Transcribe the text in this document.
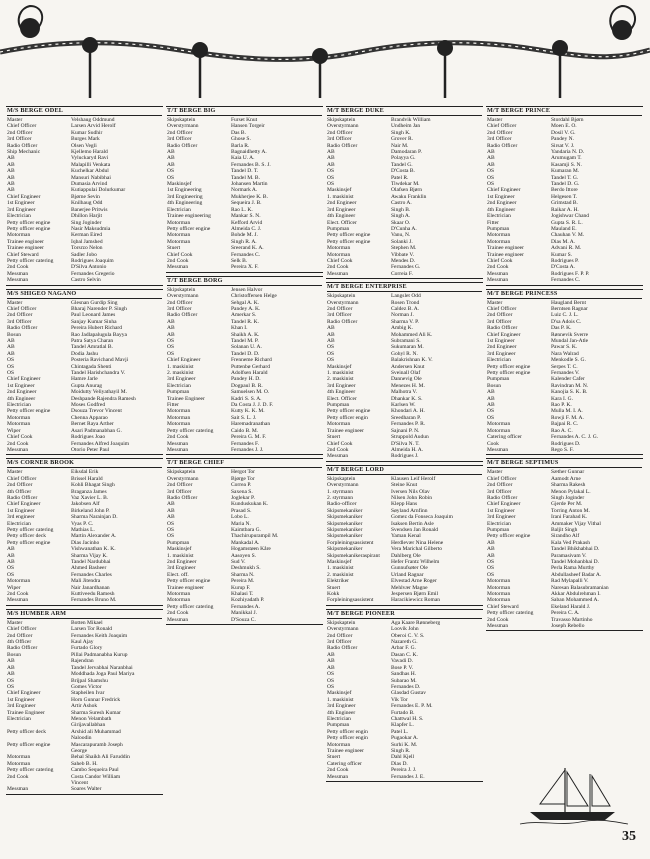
M/S BERGE ODEL
Master	Velshaug Oddmund
Chief Officer	Larsen Arvid Herolf
2nd Officer	Kumar Sudhir
3rd Officer	Burges Mark
Radio Officer	Olsen Vegli
Ship Mechanic	Kjellemo Harald
AB	Vyluckaryd Ravi
AB	Malapilli Venkata
AB	Kuchelkar Abdul
AB	Mansuri Nabibhai
AB	Dumasia Arvind
AB	Kutiappulai Dolurkumar
Chief Engineer	Bjørne Sevin
1st Engineer	Knilhaug Odd
3rd Engineer	Banerjee Pritwis
Electrician	Dhillon Harjit
Petty officer engine	Sing Joginder
Petty officer engine	Nasir Maksudmia
Motorman	Kerman Eired
Trainee engineer	Iqbal Jamshed
Trainee engineer	Torsrzo Nelon
Chief Steward	Sadler Jobo
Petty officer catering	Rodrigues Joaquim
2nd Cook	D'Silva Antonio
Messman	Fernandes Gregerio
Messman	Castro Selvin
M/S SHIGEO NAGANO
Master	Glesnan Gurdip Sing
Chief Officer	Bharaj Narender P. Singh
2nd Officer	Paul Leonard James
3rd Officer	Sanjay Kumar Sinha
Radio Officer	Pereira Hubert Richard
Bosun	Rao Jadlapalugula Bayya
AB	Patra Satya Charan
AB	Tandel Amratlal B.
AB	Dodia Jashu
OS	Posteria Ravichand Mavji
OS	Chintagada Shenti
OS	Tandel Harishchandra V.
Chief Engineer	Hamre Jarle
1st Engineer	Gupta Anurag
2nd Engineer	Moidutty Veliyathayil M.
4th Engineer	Deshpande Rajendra Ramesh
Electrician	Moses Godfred
Petty officer engine	Dsouza Trevor Vincent
Motorman	Chenna Apparao
Motorman	Bernet Raya Arther
Wiper	Asari Padmanabhan G.
Chief Cook	Rodrigues Joao
2nd Cook	Fernandes Alfred Joaquim
Messman	Otorio Peter Paul
M/S CORNER BROOK
Master	Eiksdal Erik
Chief Officer	Brissel Harald
2nd Officer	Kohli Bhagat Singh
4th Officer	Braganza James
Radio Officer	Vaz Xavier L. B.
Chief Engineer	Jakobsen Alf
1st Engineer	Birkeland John P.
3rd engineer	Sharma Narainjan D.
Electrician	Vyas P. C.
Petty officer catering	Mathias L.
Petty officer deck	Martin Alexander A.
Petty officer engine	Dias Jacinho
AB	Vishwanathan K. K.
AB	Sharma Vijay K.
AB	Tandel Nardubhai
OS	Ahmed Basheer
OS	Fernandes Charles
Motorman	Mali Jitendra
Wiper	Nair Janardhanan
2nd Cook	Kuttiveedu Ramesh
Messman	Fernandes Bruno M.
M/S HUMBER ARM
Master	Botten Mikael
Chief Officer	Larsen Tor Ronald
2nd Officer	Fernandes Keith Joaquim
4th Officer	Kaul Ajay
Radio Officer	Furtado Glory
Bosun	Pillai Padmanabha Kurup
AB	Rajendran
AB	Tandel Jervabhai Naranbhai
AB	Moddhada Joga Paul Mariya
OS	Brijpal Shamshu
OS	Gomes Victor
Chief Engineer	Stapheilen Ivar
1st Engineer	Horn Gunnar Fredrick
3rd Engineer	Artir Ashok
Trainee Engineer	Sharma Suresh Kumar
Electrician	Menon Velambath
Girijavallabhan
Petty officer deck	Arshid ali Muhammad
Naloodin
Petty officer engine	Mascarapuramb Joseph
George
Motorman	Behal Shaikh Ali Faruddin
Motorman	Saheb B. H.
Petty officer catering	Cambo Sequeira Paul
2nd Cook	Costa Candor William
Vincent
Messman	Soares Walter
T/T BERGE BIG
Skipskaptein	Furset Knut
Overstyrmann	Hansen Torgeir
2nd Officer	Das B.
3rd Officer	Ghose S.
Radio Officer	Barla R.
AB	Bagnaidhetty A.
AB	Kaia U. A.
AB	Fernandes B. S. J.
OS	Tandel D. T.
OS	Tandel M. B.
Maskinsjef	Johansen Martin
1st Engineering	Normark A.
3rd Engineering	Mukherjee K. B.
4th Engineering	Sequeira J. B.
Electrician	Rao L. K.
Trainee engineering	Mankar S. N.
Motorman	Kefford Arvid
Petty officer engine	Almeida C. J.
Motorman	Bohde M. J.
Motorman	Singh R. A.
Stuert	Sreerand K. A.
Chief Cook	Fernandes C.
2nd Cook	Selk B.
Messman	Pereira X. F.
T/T BERGE BORG
Skipskaptein	Jensen Halvor
Overstyrmann	Christoffersen Helge
2nd Officer	Sehgal A. K.
3rd Officer	Pandey A. K.
Radio Officer	Amerkar S.
AB	Tandel R. K.
AB	Khan I.
AB	Shaikh A. K.
OS	Tandel M. P.
OS	Solanan U. A.
OS	Tandel D. D.
Chief Engineer	Frenneme Richard
1. maskinist	Puttenbø Gerhard
2. maskinist	Adolfsen Harald
3rd Engineer	Pandey H. D.
Electrician	Dogpaul B. R.
Pumpman	Samuelsen M. O.
Trainee Engineer	Kadri S. S. A.
Fitter	Da Costa J. J. D. F.
Motorman	Kutty K. K. M.
Motorman	Sait S. L. J.
Motorman	Haremadranathan
Petty officer catering	Caido B. M.
2nd Cook	Pereira G. M. F.
Messman	Fernandes F.
Messman	Fernandes J. J.
T/T BERGE CHIEF
Skipskaptein	Hergot Tor
Overstyrmann	Bjørge Tor
2nd Officer	Correa P.
3rd Officer	Saxena S.
Radio Officer	Joglekar P.
AB	Kunduskukan K.
AB	Prasad S.
AB	Lobo L.
OS	Maria N.
OS	Kaimtbara G.
OS	Thachirupurampil M.
Pumpman	Mankadal A.
Maskinsjef	Hogamstøen Kåre
1. maskinist	Aasoyen S.
2nd Engineer	Sud V.
3rd Engineer	Deshmukh S.
Elect. off.	Sharma N.
Petty officer engine	Pereira M.
Trainee engineer	Kurup F.
Motorman	Khalasi T.
Motorman	Kozhiyadath P.
Petty officer catering	Fernandes A.
2nd Cook	Manikkal J.
Messman	D'Souza C.
M/T BERGE DUKE
Skipskaptein	Brandvik William
Overstyrmann	Undheim Jan
2nd Officer	Singh K.
3rd Officer	Grover R.
Radio Officer	Nair M.
AB	Damodaran P.
AB	Polayya G.
AB	Tandel G.
OS	D'Costa B.
OS	Patel R.
OS	Tiwdekar M.
Maskinsjef	Olafsen Bjørn
1. maskinist	Awaku Franklin
2nd Engineer	Castro A.
3rd Engineer	Singh B.
4th Engineer	Singh A.
Elect. Officer	Skaar O.
Pumpman	D'Cunha A.
Petty officer engine	Vanu, N.
Petty officer engine	Solanki J.
Motorman	Stephen M.
Motorman	Vibbate V.
Chief Cook	Mendes D.
2nd Cook	Fernandes G.
Messman	Correia F.
M/T BERGE ENTERPRISE
Skipskaptein	Langslet Odd
Overstyrmann	Rosen Trond
2nd Officer	Caldez B. A.
3rd Officer	Norman J.
Radio Officer	Sharma V. P.
AB	Ambig K.
AB	Mohammed Ali K.
AB	Subramani S.
OS	Sukumaran M.
OS	Gohyl R. N.
OS	Balakrishnan K. V.
Maskinsjef	Andersen Knut
1. maskinist	Sveinall Olaf
2. maskinist	Dannevig Ole
3rd Engineer	Menezes H. M.
4th Engineer	Malhotra V.
Elect. Officer	Dhankar K. S.
Pumpman	Karlsen W.
Petty officer engine	Khondari A. H.
Petty officer engin	Sreedharan P.
Motorman	Fernandes P. R.
Trainee engineer	Sajnani P. N.
Stuert	Struppold Audun
Chief Cook	D'Silva N. T.
2nd Cook	Almeida H. A.
Messman	Rodrigues J.
M/T BERGE LORD
Skipskaptein	Klausen Leif Herolf
Overstyrmann	Steine Knut
1. styrmann	Iversen Nils Olav
2. styrmann	Nilsen John Robin
Radio-officer	Klepp Hans
Skipsmekaniker	Søyland Arnfinn
Skipsmekaniker	Gomez da Fonseca Joaquim
Skipsmekaniker	Isaksen Bertin Asle
Skipsmekaniker	Svendsen Jan Ronald
Skipsmekaniker	Yaman Kenal
Forpleiningsassistent	Herdlevær Nina Helene
Skipsmekaniker	Vera Marichal Gilberto
Skipsmekanikeraspirant	Dahlberg Ole
Maskinsjef	Hefer Frantz Wilhelm
1. maskinist	Gunnufsøter Ole
2. maskinist	Urland Ragnar
Elektriker	Elvestad Arne Roger
Stuert	Mehlvær Magne
Kokk	Jespersen Bjørn Emil
Forpleiningsassistent	Haracikiewicz Roman
M/T BERGE PIONEER
Skipskaptein	Aga Kaare Rønneberg
Overstyrmann	Loovik John
2nd Officer	Oberoi C. V. S.
3rd Officer	Nazareth G.
Radio Officer	Arbar F. G.
AB	Dasan C. K.
AB	Vavadi D.
AB	Bose P. V.
OS	Sandhas H.
OS	Subarao M.
OS	Fernandes D.
Maskinsjef	Glasdad Gustav
1. maskinist	Vik Tor
3rd Engineer	Fernandes E. P. M.
4th Engineer	Furtado B.
Electrician	Chattwal H. S.
Pumpman	Klapfer L.
Petty officer engin	Patel L.
Petty officer engin	Pugaokar A.
Motorman	Surhi K. M.
Trainee engineer	Singh R.
Stuert	Dahl Kjell
Catering officer	Dias D.
2nd Cook	Pereira J. J.
Messman	Fernandes J. E.
M/T BERGE PRINCE
Master	Stordahl Bjørn
Chief Officer	Moen E. O.
2nd Officer	Dosil V. G.
3rd Officer	Pandey N.
Radio Officer	Sirsat V. J.
AB	Yandaria N. D.
AB	Arumugam T.
AB	Kasamji S. N.
OS	Kumaran M.
OS	Tandel T. G.
OS	Tandel D. G.
Chief Engineer	Berdo Ittore
1st Engineer	Helgesen T.
2nd Engineer	Grimstad B.
4th Engineer	Raikar A. H.
Electrician	Jogishwar Chand
Fitter	Gupta S. R. L.
Pumpman	Mauland E.
Motorman	Chauhan V. M.
Motorman	Dias M. A.
Trainee engineer	Advani R. M.
Trainee engineer	Kumar S.
Chief Cook	Rodrigues P.
2nd Cook	D'Costa A.
Messman	Rodrigues F. P. P.
Messman	Fernandes C.
M/T BERGE PRINCESS
Master	Haugland Bernt
Chief Officer	Berntsen Ragnar
2nd Officer	Luiz C. J. L.
3rd Officer	D'sa Adois C.
Radio Officer	Das P. K.
Chief Engineer	Rønnevik Sverre
1st Engineer	Mundal Jan-Atle
2nd Engineer	Pawar S. K.
3rd Engineer	Nara Walrad
Electrician	Menkodle S. G.
Petty officer engine	Serpes T. C.
Petty officer engine	Fernandes V.
Pumpman	Kalender Cafer
Bosun	Ravindran M. N.
AB	Kanojia S. K. B.
AB	Kara I. G.
AB	Rao P. K.
OS	Mulla M. I. A.
OS	Rowji F. M. A.
Motorman	Bajpai R. C.
Motorman	Rao A. C.
Catering officer	Fernandes A. C. J. G.
Cook	Rodrigues D.
Messman	Rego S. F.
M/T BERGE SEPTIMUS
Master	Sæther Gunnar
Chief Officer	Aamodt Arne
2nd Officer	Sharma Rakesh
3rd Officer	Menon Pylakal L.
Radio Officer	Singh Joginder
Chief Engineer	Gjerde Per M.
1st Engineer	Torring Anton M.
3rd Engineer	Irani Farahad K.
Electrician	Ammaker Vijay Vithal
Pumpman	Baljit Singh
Petty officer engine	Sirandho Alf
AB	Kala Ved Prakash
AB	Tandel Bhikhabhai D.
AB	Paramasivam V.
OS	Tandel Mohanbhai D.
OS	Perla Rama Murthy
OS	Abdullasheef Badar A.
Motorman	Rad Mylapalli V.
Motorman	Naresan Balasubramanian
Motorman	Akkar Abdulrehman I.
Motorman	Saban Mohammed A.
Chief Steward	Ekeland Harald J.
Petty officer catering	Pereira C. A.
2nd Cook	Travasso Martinho
Messman	Joseph Rebello
35
